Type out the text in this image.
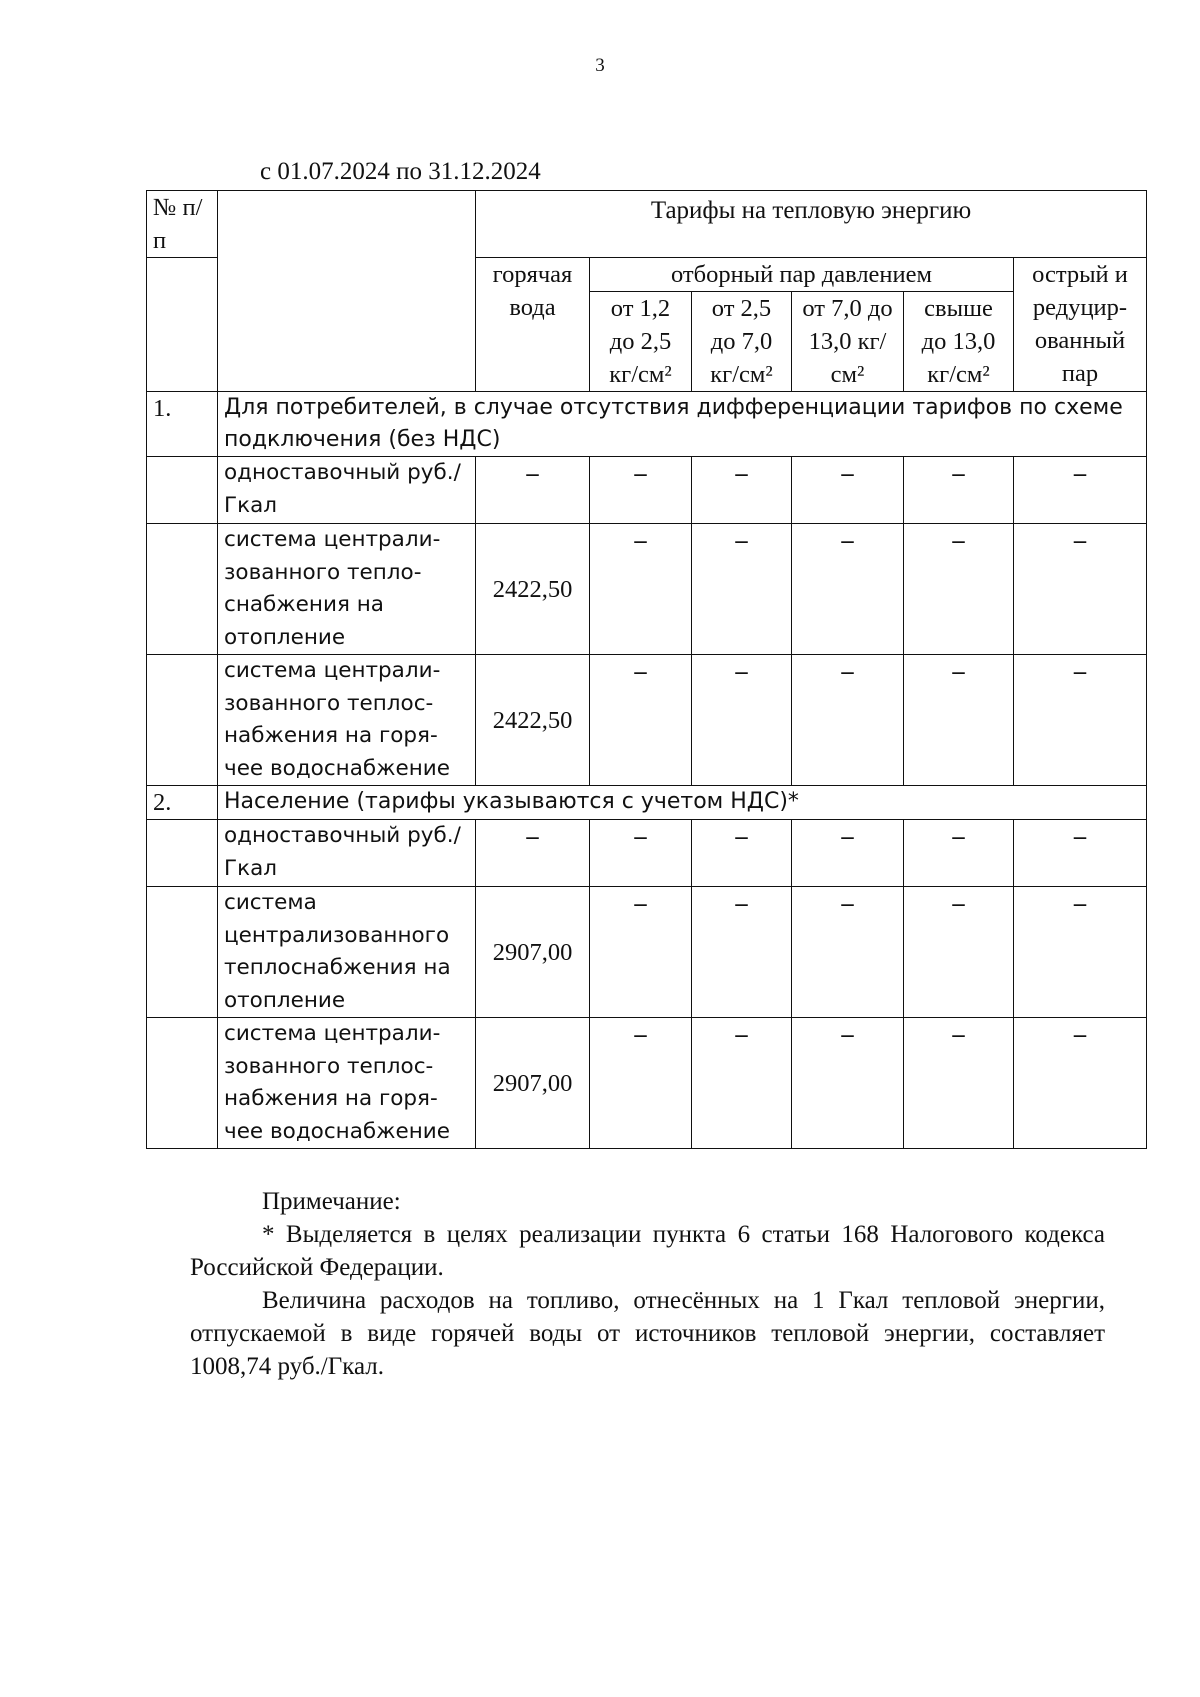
3
с 01.07.2024 по 31.12.2024
№ п/п		Тарифы на тепловую энергию					
		горячая вода	отборный пар давлением				острый и редуцир-ованный пар
			от 1,2 до 2,5 кг/см²	от 2,5 до 7,0 кг/см²	от 7,0 до 13,0 кг/см²	свыше до 13,0 кг/см²	
1.	Для потребителей, в случае отсутствия дифференциации тарифов по схеме подключения (без НДС)						
	одноставочный руб./Гкал	–	–	–	–	–	–
	система централи-зованного тепло-снабжения на отопление	2422,50	–	–	–	–	–
	система централи-зованного теплос-набжения на горя-чее водоснабжение	2422,50	–	–	–	–	–
2.	Население (тарифы указываются с учетом НДС)*						
	одноставочный руб./Гкал	–	–	–	–	–	–
	система централизованного теплоснабжения на отопление	2907,00	–	–	–	–	–
	система централи-зованного теплос-набжения на горя-чее водоснабжение	2907,00	–	–	–	–	–

Примечание:

* Выделяется в целях реализации пункта 6 статьи 168 Налогового кодекса Российской Федерации.

Величина расходов на топливо, отнесённых на 1 Гкал тепловой энергии, отпускаемой в виде горячей воды от источников тепловой энергии, составляет 1008,74 руб./Гкал.
